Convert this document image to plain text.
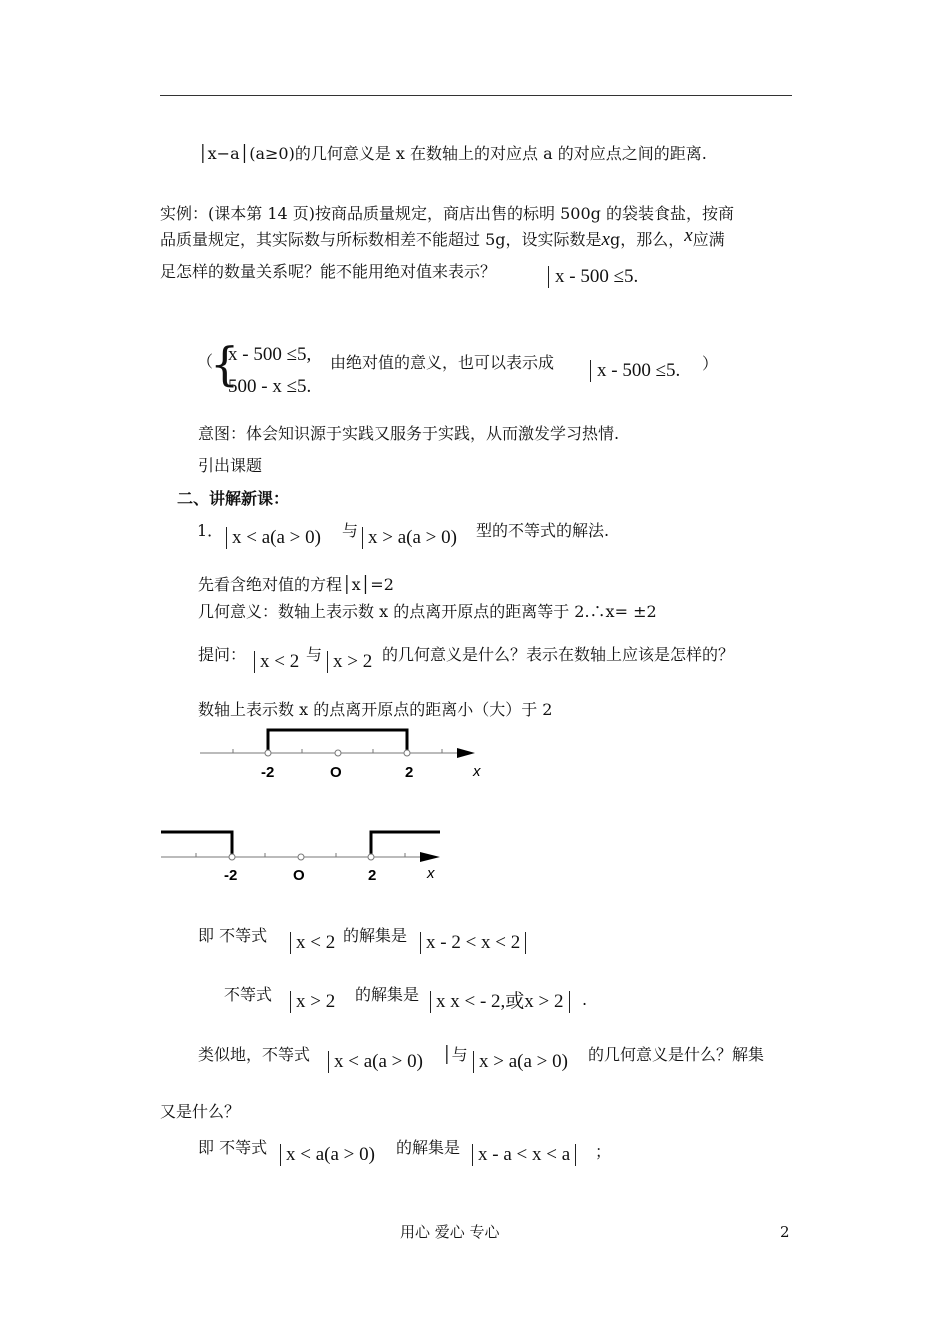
│x−a│(a≥0)的几何意义是 x 在数轴上的对应点 a 的对应点之间的距离.
实例：(课本第 14 页)按商品质量规定，商店出售的标明 500g 的袋装食盐，按商
品质量规定，其实际数与所标数相差不能超过 5g，设实际数是xg，那么，x应满
足怎样的数量关系呢？能不能用绝对值来表示？	x - 500 ≤5.
（
{
x - 500 ≤5,
500 - x ≤5.
由绝对值的意义，也可以表示成	x - 500 ≤5. ）
意图：体会知识源于实践又服务于实践，从而激发学习热情.
引出课题
二、讲解新课：
1． x < a(a > 0) 与 x > a(a > 0) 型的不等式的解法.
先看含绝对值的方程│x│=2
几何意义：数轴上表示数 x 的点离开原点的距离等于 2.∴x= ±2
提问： x < 2 与 x > 2 的几何意义是什么？表示在数轴上应该是怎样的？
数轴上表示数 x 的点离开原点的距离小（大）于 2
-2	O	2	x
-2	O	2	x
即 不等式	x < 2 的解集是 x - 2 < x < 2
不等式	x > 2 的解集是 x x < - 2,或x > 2	.
类似地，不等式	x < a(a > 0) │与 x > a(a > 0) 的几何意义是什么？解集
又是什么？
即 不等式 x < a(a > 0) 的解集是 x - a < x < a	；
用心 爱心 专心	2
